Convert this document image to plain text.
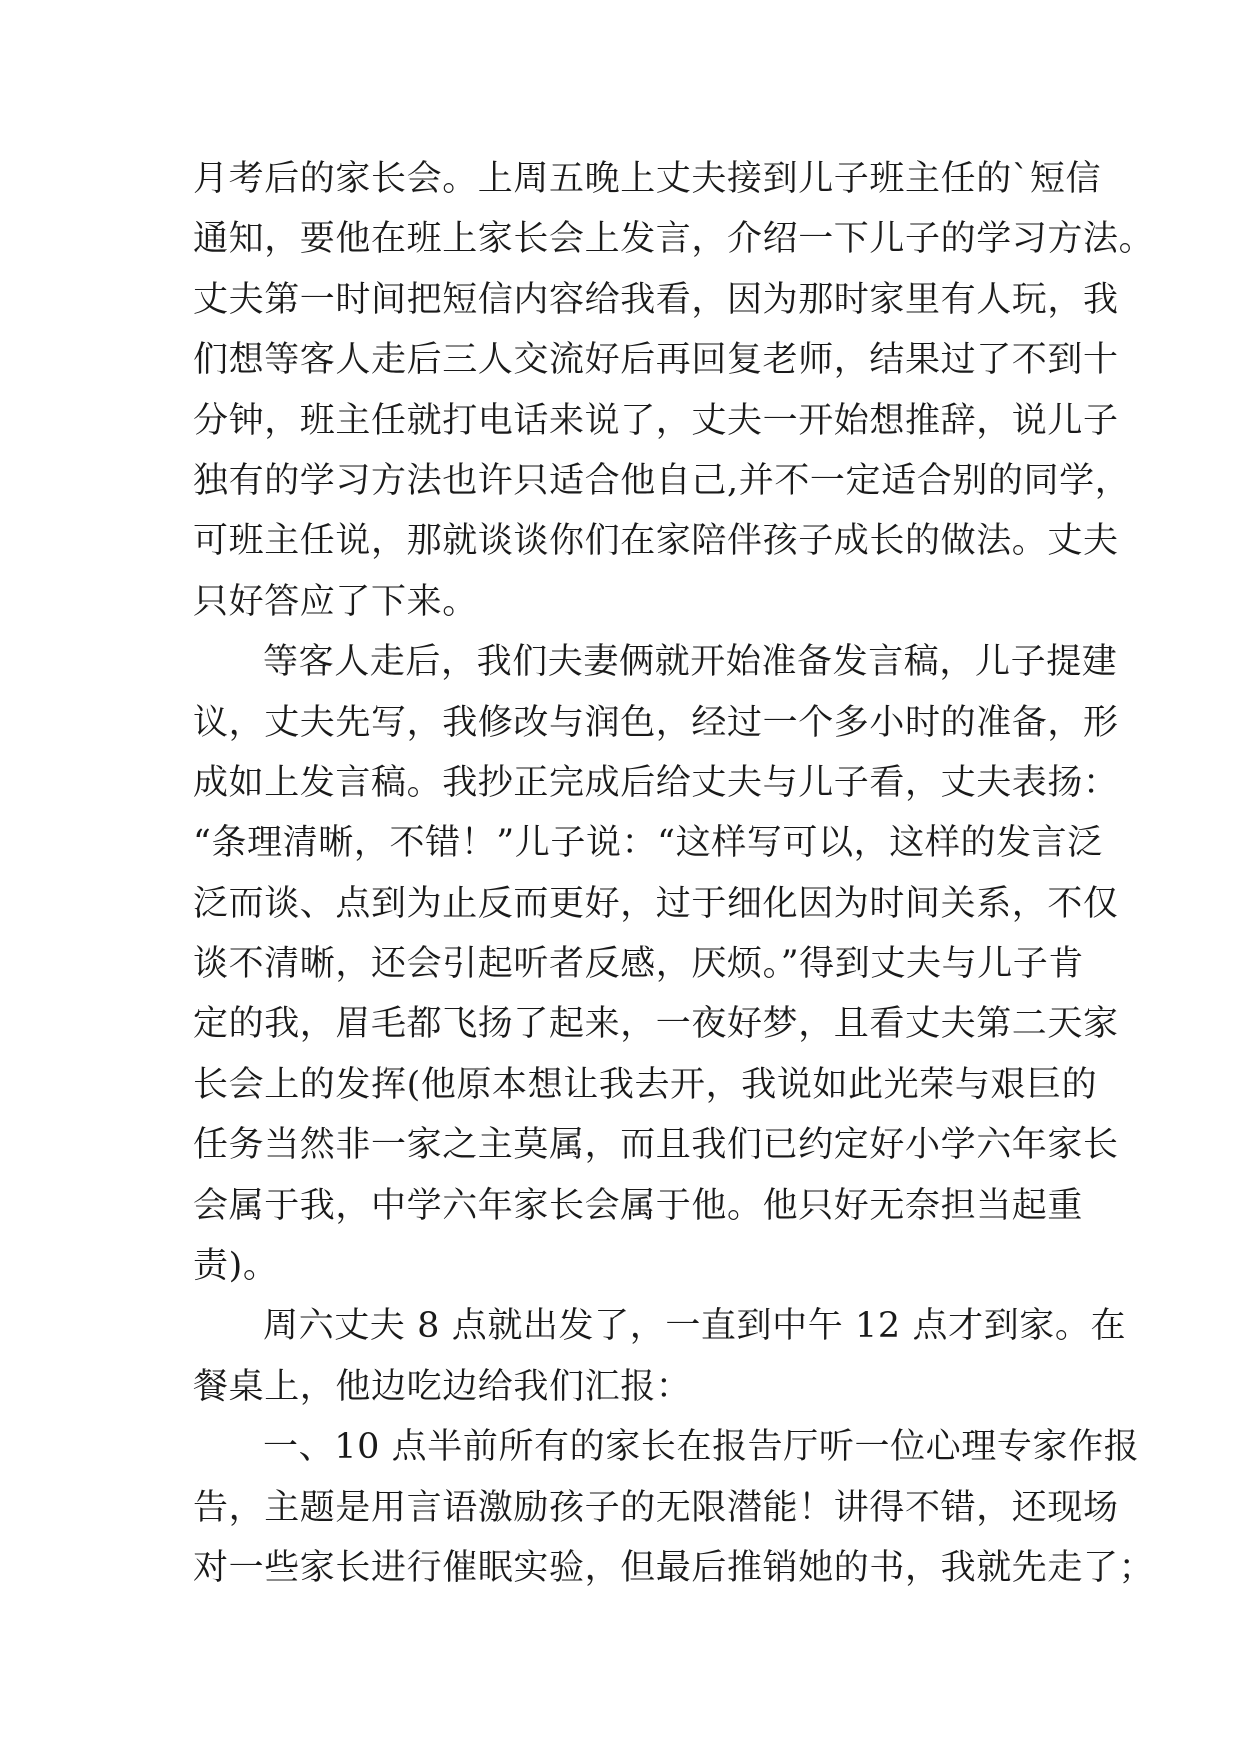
月考后的家长会。上周五晚上丈夫接到儿子班主任的`短信
通知，要他在班上家长会上发言，介绍一下儿子的学习方法。
丈夫第一时间把短信内容给我看，因为那时家里有人玩，我
们想等客人走后三人交流好后再回复老师，结果过了不到十
分钟，班主任就打电话来说了，丈夫一开始想推辞，说儿子
独有的学习方法也许只适合他自己,并不一定适合别的同学，
可班主任说，那就谈谈你们在家陪伴孩子成长的做法。丈夫
只好答应了下来。
等客人走后，我们夫妻俩就开始准备发言稿，儿子提建
议，丈夫先写，我修改与润色，经过一个多小时的准备，形
成如上发言稿。我抄正完成后给丈夫与儿子看，丈夫表扬：
“条理清晰，不错！”儿子说：“这样写可以，这样的发言泛
泛而谈、点到为止反而更好，过于细化因为时间关系，不仅
谈不清晰，还会引起听者反感，厌烦。”得到丈夫与儿子肯
定的我，眉毛都飞扬了起来，一夜好梦，且看丈夫第二天家
长会上的发挥(他原本想让我去开，我说如此光荣与艰巨的
任务当然非一家之主莫属，而且我们已约定好小学六年家长
会属于我，中学六年家长会属于他。他只好无奈担当起重
责)。
周六丈夫 8 点就出发了，一直到中午 12 点才到家。在
餐桌上，他边吃边给我们汇报：
一、10 点半前所有的家长在报告厅听一位心理专家作报
告，主题是用言语激励孩子的无限潜能！讲得不错，还现场
对一些家长进行催眠实验，但最后推销她的书，我就先走了；
